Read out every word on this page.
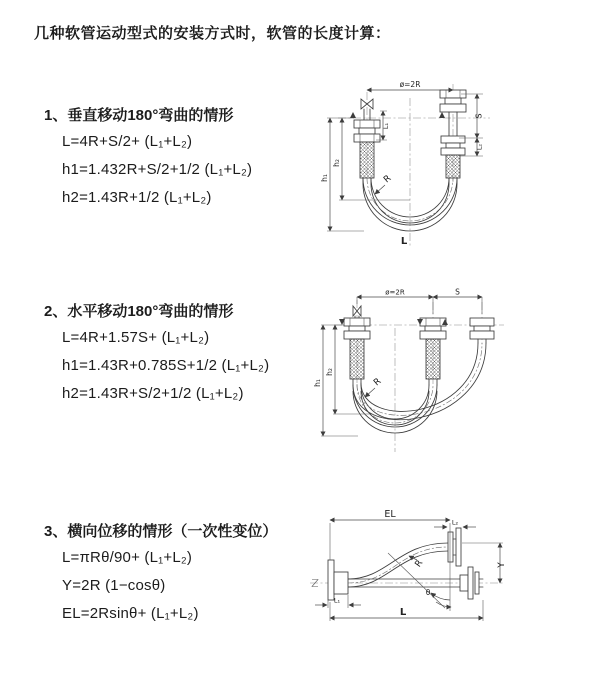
几种软管运动型式的安装方式时，软管的长度计算：
1、垂直移动180°弯曲的情形
L=4R+S/2+ (L₁+L₂)
h1=1.432R+S/2+1/2 (L₁+L₂)
h2=1.43R+1/2 (L₁+L₂)
2、水平移动180°弯曲的情形
L=4R+1.57S+ (L₁+L₂)
h1=1.43R+0.785S+1/2 (L₁+L₂)
h2=1.43R+S/2+1/2 (L₁+L₂)
3、横向位移的情形（一次性变位）
L=πRθ/90+ (L₁+L₂)
Y=2R (1−cosθ)
EL=2Rsinθ+ (L₁+L₂)
ø=2R
S
L₂
L₁
h₁
h₂
R
L
ø=2R	S
h₁
h₂
R
EL
L₂
Y
R
θ
L₁
L
